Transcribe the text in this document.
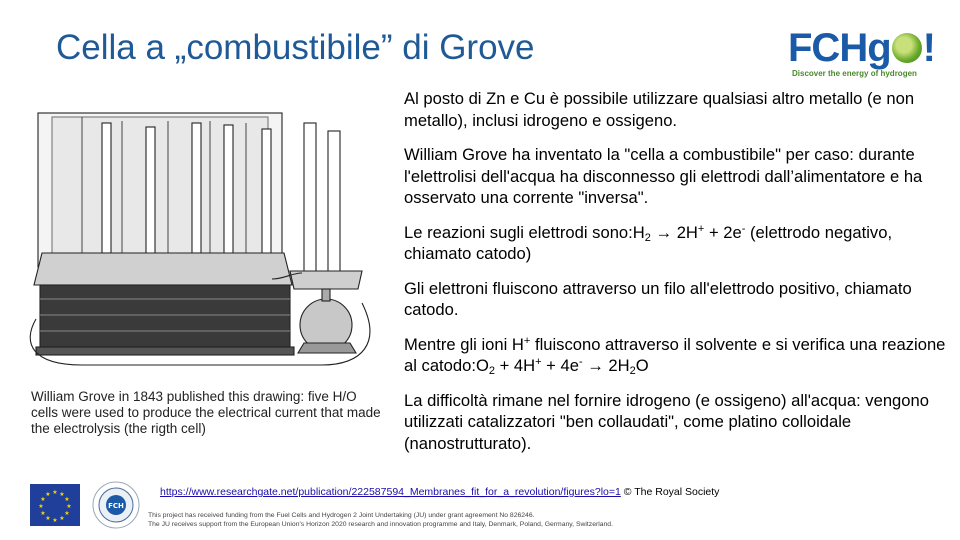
Cella a „combustibile” di Grove	FCHg !
Discover the energy of hydrogen
William Grove in 1843 published this drawing: five H/O cells were used to produce the electrical current that made the electrolysis (the rigth cell)

Al posto di Zn e Cu è possibile utilizzare qualsiasi altro metallo (e non metallo), inclusi idrogeno e ossigeno.

William Grove ha inventato la "cella a combustibile" per caso: durante l'elettrolisi dell'acqua ha disconnesso gli elettrodi dall’alimentatore e ha osservato una corrente "inversa".

Le reazioni sugli elettrodi $sono:H_2 \to 2H^+ + 2e^-$ (elettrodo negativo, chiamato catodo)

Gli elettroni fluiscono attraverso un filo all'elettrodo positivo, chiamato catodo.

Mentre gli ioni H+ fluiscono attraverso il solvente e si verifica una reazione al $catodo:O_2 + 4H^+ + 4e^- \to 2H_2O$

La difficoltà rimane nel fornire idrogeno (e ossigeno) all'acqua: vengono utilizzati catalizzatori "ben collaudati", come platino colloidale (nanostrutturato).

★ ★
★
★
★
★
★
★
★
★
★
★
FCH
https://www.researchgate.net/publication/222587594_Membranes_fit_for_a_revolution/figures?lo=1 © The Royal Society
This project has received funding from the Fuel Cells and Hydrogen 2 Joint Undertaking (JU) under grant agreement No 826246.
The JU receives support from the European Union's Horizon 2020 research and innovation programme and Italy, Denmark, Poland, Germany, Switzerland.
